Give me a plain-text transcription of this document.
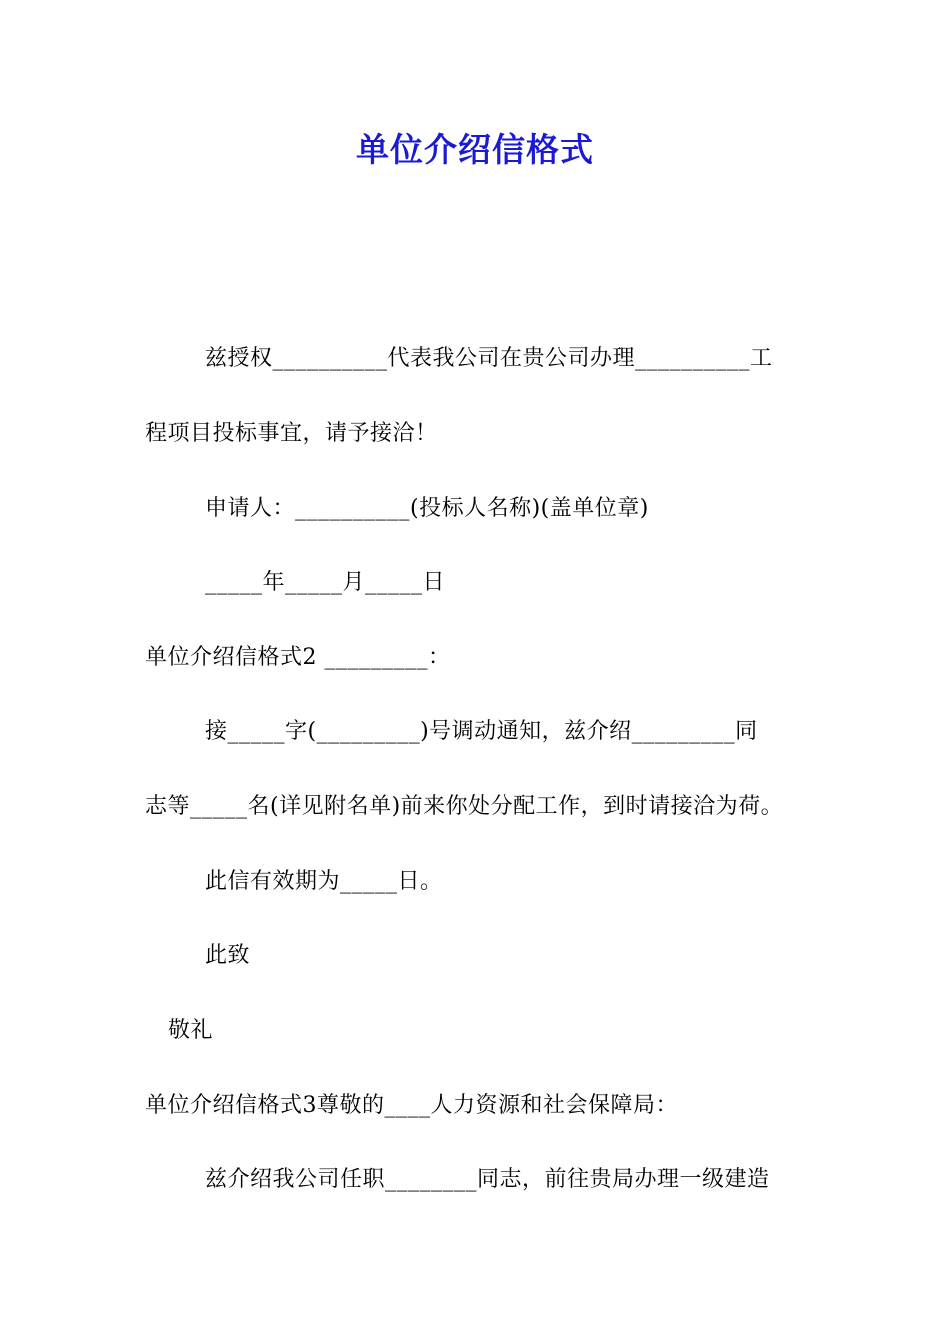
单位介绍信格式
兹授权__________代表我公司在贵公司办理__________工
程项目投标事宜，请予接洽！
申请人：__________(投标人名称)(盖单位章)
_____年_____月_____日
单位介绍信格式2 _________：
接_____字(_________)号调动通知，兹介绍_________同
志等_____名(详见附名单)前来你处分配工作，到时请接洽为荷。
此信有效期为_____日。
此致
敬礼
单位介绍信格式3尊敬的____人力资源和社会保障局：
兹介绍我公司任职________同志，前往贵局办理一级建造
